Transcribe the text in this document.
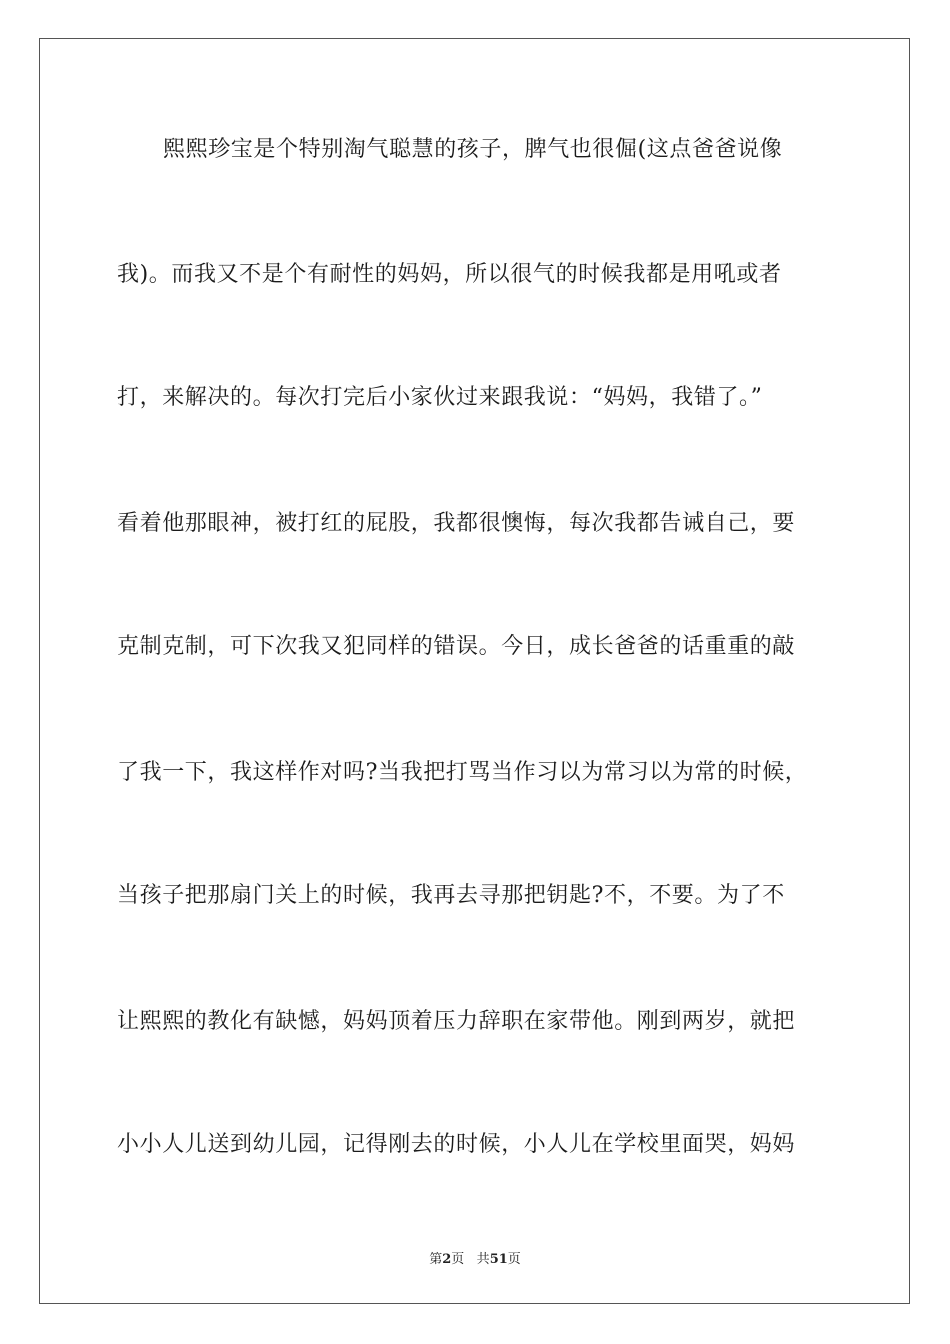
熙熙珍宝是个特别淘气聪慧的孩子，脾气也很倔(这点爸爸说像
我)。而我又不是个有耐性的妈妈，所以很气的时候我都是用吼或者
打，来解决的。每次打完后小家伙过来跟我说：“妈妈，我错了。”
看着他那眼神，被打红的屁股，我都很懊悔，每次我都告诫自己，要
克制克制，可下次我又犯同样的错误。今日，成长爸爸的话重重的敲
了我一下，我这样作对吗?当我把打骂当作习以为常习以为常的时候，
当孩子把那扇门关上的时候，我再去寻那把钥匙?不，不要。为了不
让熙熙的教化有缺憾，妈妈顶着压力辞职在家带他。刚到两岁，就把
小小人儿送到幼儿园，记得刚去的时候，小人儿在学校里面哭，妈妈
第2页 共51页
